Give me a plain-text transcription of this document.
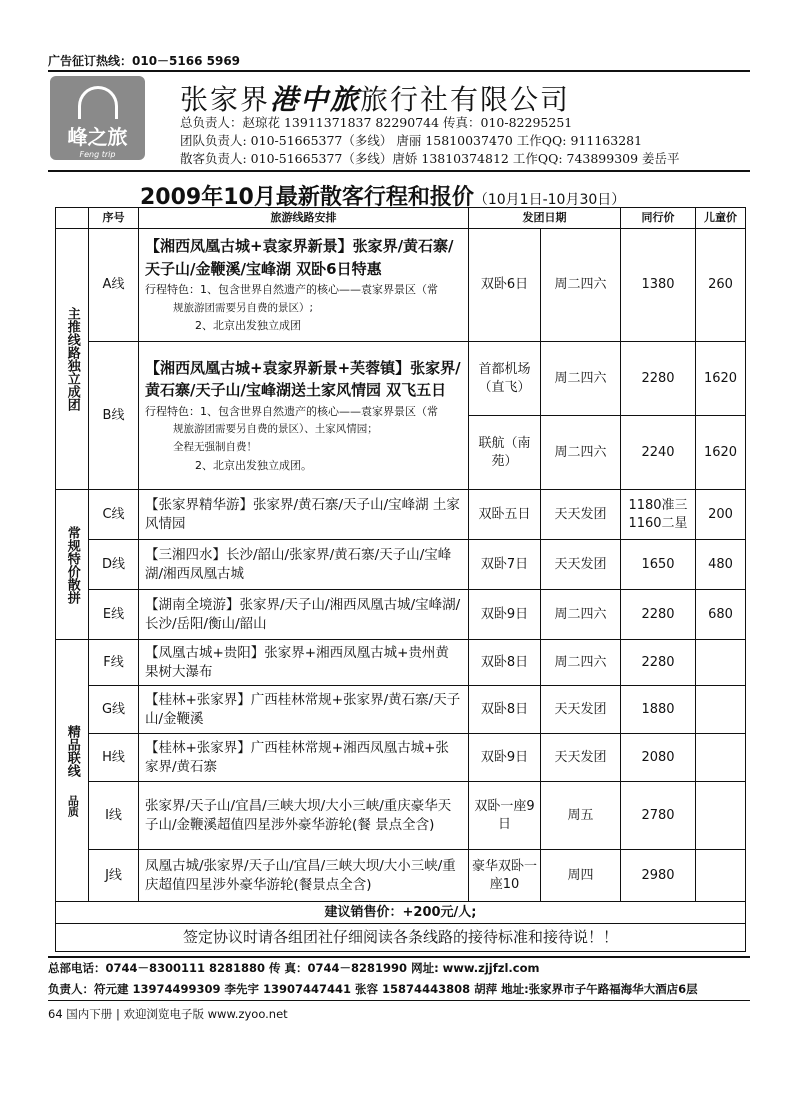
广告征订热线：010－5166 5969
峰之旅
Feng trip
张家界港中旅旅行社有限公司
总负责人：赵琼花 13911371837 82290744 传真：010-82295251
团队负责人: 010-51665377（多线） 唐丽 15810037470 工作QQ: 911163281
散客负责人: 010-51665377（多线）唐娇 13810374812 工作QQ: 743899309 姜岳平
2009年10月最新散客行程和报价（10月1日-10月30日）
	序号	旅游线路安排	发团日期		同行价	儿童价
主推线路独立成团	A线	【湘西凤凰古城+袁家界新景】张家界/黄石寨/天子山/金鞭溪/宝峰湖 双卧6日特惠
行程特色：1、包含世界自然遗产的核心——袁家界景区（常
规旅游团需要另自费的景区）;
2、北京出发独立成团	双卧6日	周二四六	1380	260
	B线	【湘西凤凰古城+袁家界新景+芙蓉镇】张家界/黄石寨/天子山/宝峰湖送土家风情园 双飞五日
行程特色：1、包含世界自然遗产的核心——袁家界景区（常
规旅游团需要另自费的景区）、土家风情园；
全程无强制自费！
2、北京出发独立成团。	首都机场（直飞）	周二四六	2280	1620
			联航（南苑）	周二四六	2240	1620
常规特价散拼	C线	【张家界精华游】张家界/黄石寨/天子山/宝峰湖 土家风情园	双卧五日	天天发团	1180准三
1160二星	200
	D线	【三湘四水】长沙/韶山/张家界/黄石寨/天子山/宝峰湖/湘西凤凰古城	双卧7日	天天发团	1650	480
	E线	【湖南全境游】张家界/天子山/湘西凤凰古城/宝峰湖/长沙/岳阳/衡山/韶山	双卧9日	周二四六	2280	680

精品联线
品质	F线	【凤凰古城+贵阳】张家界+湘西凤凰古城+贵州黄果树大瀑布	双卧8日	周二四六	2280	
	G线	【桂林+张家界】广西桂林常规+张家界/黄石寨/天子山/金鞭溪	双卧8日	天天发团	1880	
	H线	【桂林+张家界】广西桂林常规+湘西凤凰古城+张家界/黄石寨	双卧9日	天天发团	2080	
	I线	张家界/天子山/宜昌/三峡大坝/大小三峡/重庆豪华天子山/金鞭溪超值四星涉外豪华游轮(餐 景点全含)	双卧一座9日	周五	2780	
	J线	凤凰古城/张家界/天子山/宜昌/三峡大坝/大小三峡/重庆超值四星涉外豪华游轮(餐景点全含)	豪华双卧一座10	周四	2980	
建议销售价：+200元/人;						
签定协议时请各组团社仔细阅读各条线路的接待标准和接待说！！						
总部电话：0744－8300111 8281880 传 真：0744－8281990 网址: www.zjjfzl.com
负责人：符元建 13974499309 李先宇 13907447441 张容 15874443808 胡萍 地址:张家界市子午路福海华大酒店6层
64 国内下册 | 欢迎浏览电子版 www.zyoo.net
